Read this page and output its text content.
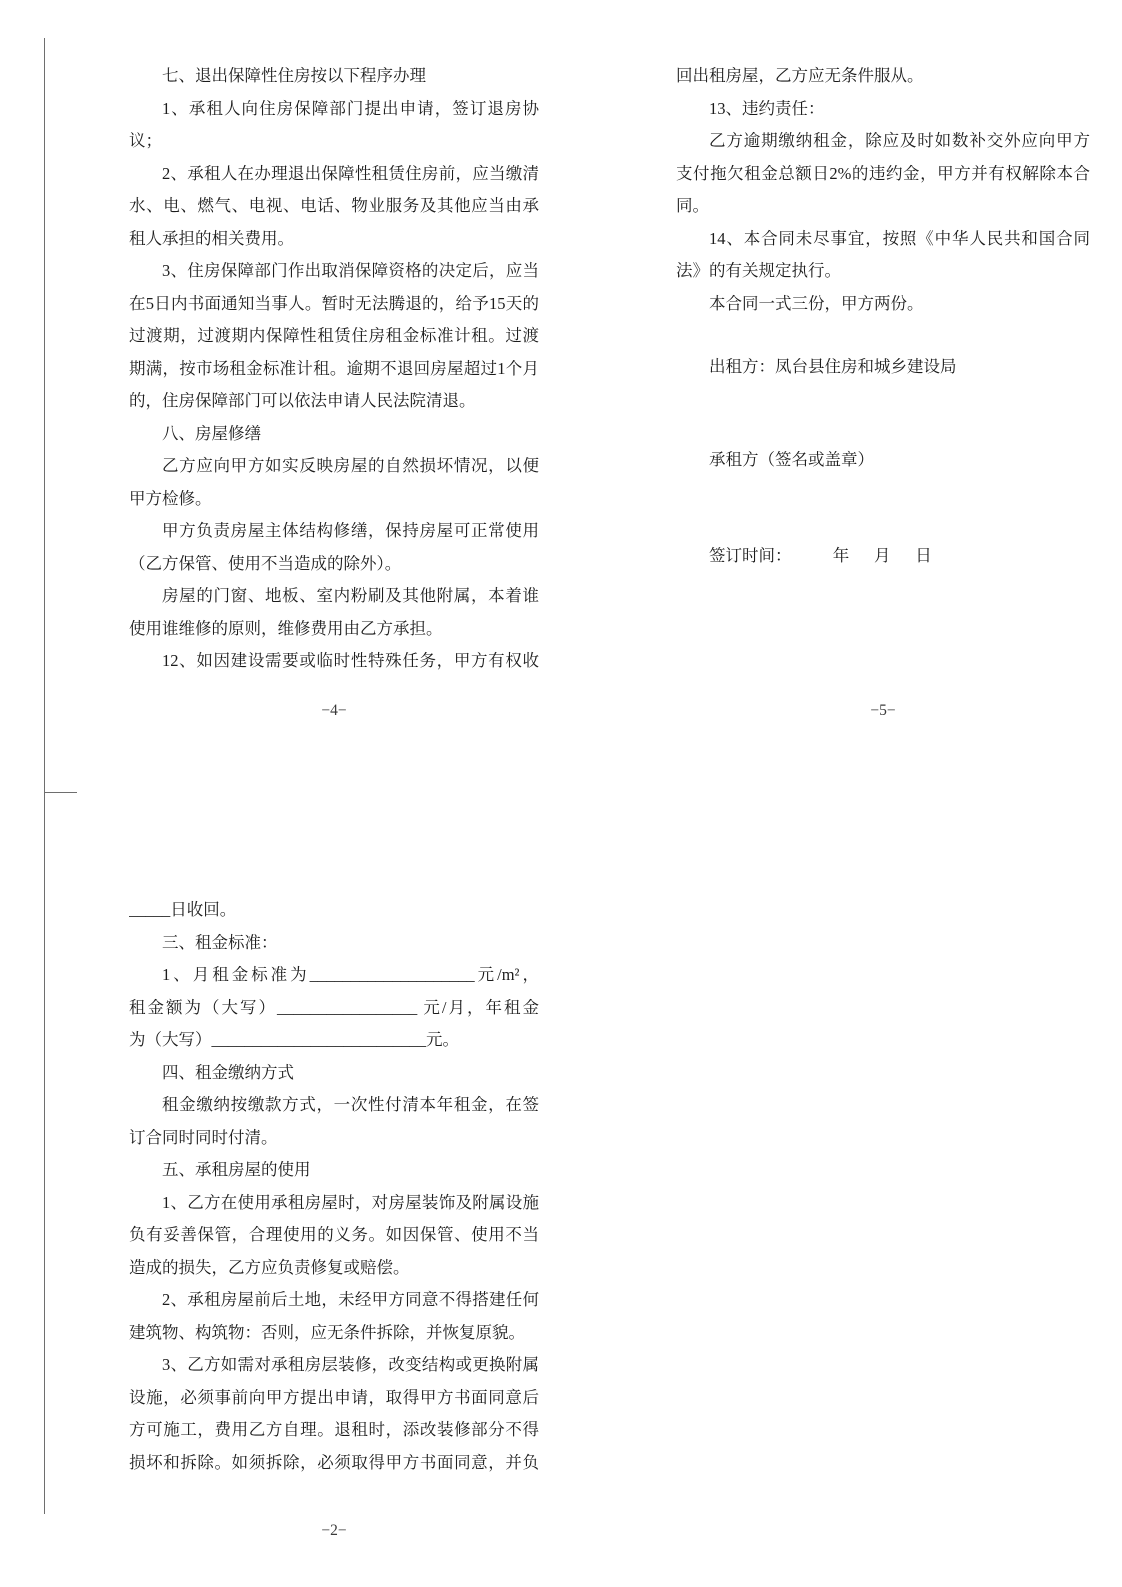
七、退出保障性住房按以下程序办理
1、承租人向住房保障部门提出申请，签订退房协
议；
2、承租人在办理退出保障性租赁住房前，应当缴清
水、电、燃气、电视、电话、物业服务及其他应当由承
租人承担的相关费用。
3、住房保障部门作出取消保障资格的决定后，应当
在5日内书面通知当事人。暂时无法腾退的，给予15天的
过渡期，过渡期内保障性租赁住房租金标准计租。过渡
期满，按市场租金标准计租。逾期不退回房屋超过1个月
的，住房保障部门可以依法申请人民法院清退。
八、房屋修缮
乙方应向甲方如实反映房屋的自然损坏情况，以便
甲方检修。
甲方负责房屋主体结构修缮，保持房屋可正常使用
（乙方保管、使用不当造成的除外）。
房屋的门窗、地板、室内粉刷及其他附属，本着谁
使用谁维修的原则，维修费用由乙方承担。
12、如因建设需要或临时性特殊任务，甲方有权收
−4−
回出租房屋，乙方应无条件服从。
13、违约责任：
乙方逾期缴纳租金，除应及时如数补交外应向甲方
支付拖欠租金总额日2%的违约金，甲方并有权解除本合
同。
14、本合同未尽事宜，按照《中华人民共和国合同
法》的有关规定执行。
本合同一式三份，甲方两份。
出租方：凤台县住房和城乡建设局
承租方（签名或盖章）
签订时间：          年      月      日
−5−
_____日收回。
三、租金标准：
1、月租金标准为____________________元/m²，
租金额为（大写）_________________ 元/月，年租金
为（大写）__________________________元。
四、租金缴纳方式
租金缴纳按缴款方式，一次性付清本年租金，在签
订合同时同时付清。
五、承租房屋的使用
1、乙方在使用承租房屋时，对房屋装饰及附属设施
负有妥善保管，合理使用的义务。如因保管、使用不当
造成的损失，乙方应负责修复或赔偿。
2、承租房屋前后土地，未经甲方同意不得搭建任何
建筑物、构筑物：否则，应无条件拆除，并恢复原貌。
3、乙方如需对承租房层装修，改变结构或更换附属
设施，必须事前向甲方提出申请，取得甲方书面同意后
方可施工，费用乙方自理。退租时，添改装修部分不得
损坏和拆除。如须拆除，必须取得甲方书面同意，并负
−2−
